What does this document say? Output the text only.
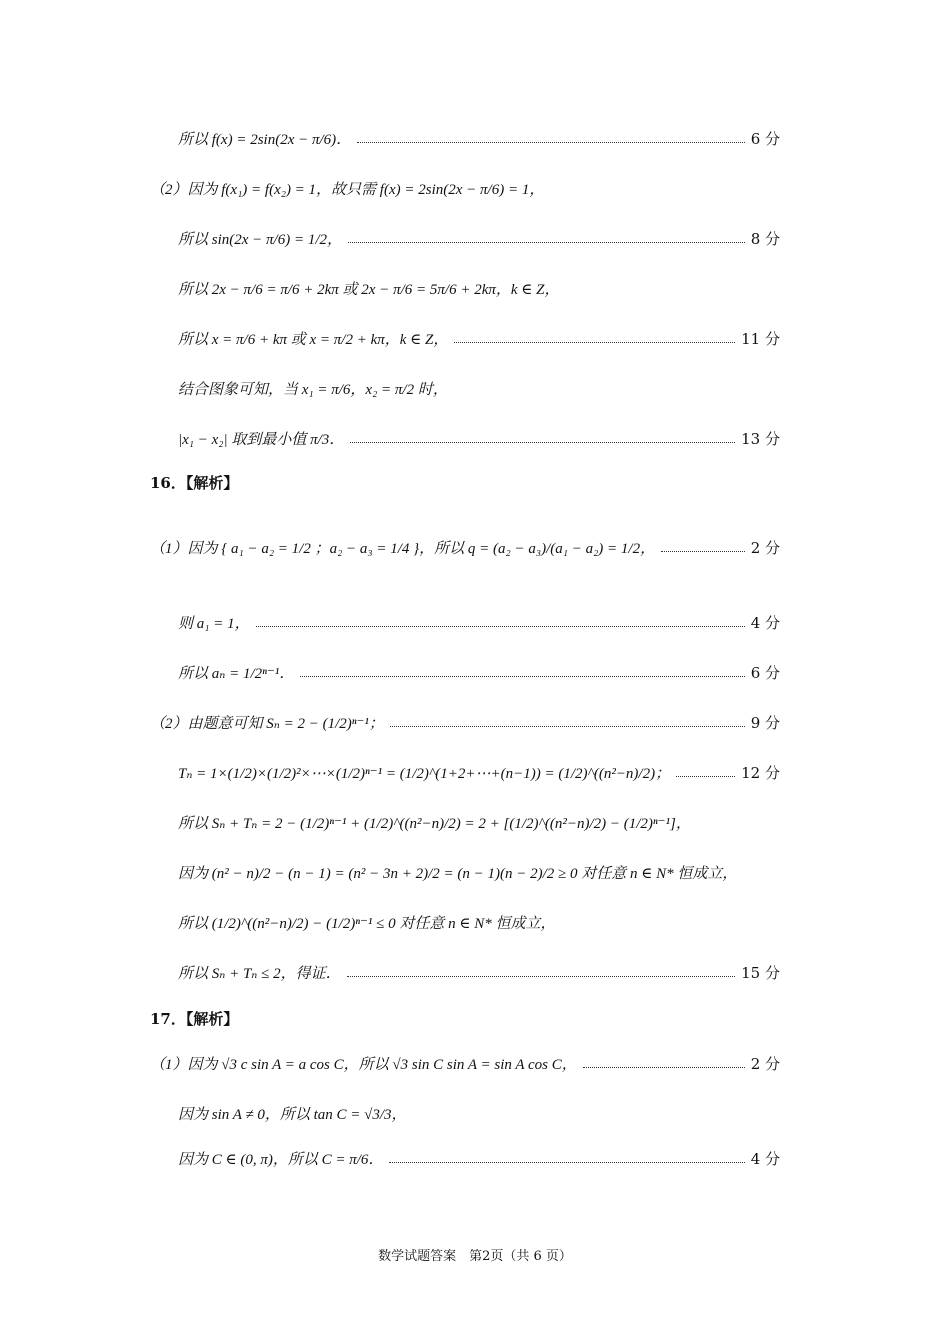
所以 f(x) = 2sin(2x − π/6)．	6 分
（2）因为 f(x₁) = f(x₂) = 1，故只需 f(x) = 2sin(2x − π/6) = 1，
所以 sin(2x − π/6) = 1/2，	8 分
所以 2x − π/6 = π/6 + 2kπ 或 2x − π/6 = 5π/6 + 2kπ，k ∈ Z，
所以 x = π/6 + kπ 或 x = π/2 + kπ，k ∈ Z，	11 分
结合图象可知，当 x₁ = π/6，x₂ = π/2 时，
|x₁ − x₂| 取到最小值 π/3．	13 分
16．【解析】
（1）因为 { a₁ − a₂ = 1/2 ；a₂ − a₃ = 1/4 }，所以 q = (a₂ − a₃)/(a₁ − a₂) = 1/2，	2 分
则 a₁ = 1，	4 分
所以 aₙ = 1/2ⁿ⁻¹．	6 分
（2）由题意可知 Sₙ = 2 − (1/2)ⁿ⁻¹；	9 分
Tₙ = 1×(1/2)×(1/2)²×⋯×(1/2)ⁿ⁻¹ = (1/2)^(1+2+⋯+(n−1)) = (1/2)^((n²−n)/2)；	12 分
所以 Sₙ + Tₙ = 2 − (1/2)ⁿ⁻¹ + (1/2)^((n²−n)/2) = 2 + [(1/2)^((n²−n)/2) − (1/2)ⁿ⁻¹]，
因为 (n² − n)/2 − (n − 1) = (n² − 3n + 2)/2 = (n − 1)(n − 2)/2 ≥ 0 对任意 n ∈ N* 恒成立，
所以 (1/2)^((n²−n)/2) − (1/2)ⁿ⁻¹ ≤ 0 对任意 n ∈ N* 恒成立，
所以 Sₙ + Tₙ ≤ 2，得证．	15 分
17．【解析】
（1）因为 √3 c sin A = a cos C，所以 √3 sin C sin A = sin A cos C，	2 分
因为 sin A ≠ 0，所以 tan C = √3/3，
因为 C ∈ (0, π)，所以 C = π/6．	4 分
数学试题答案　第2页（共 6 页）
